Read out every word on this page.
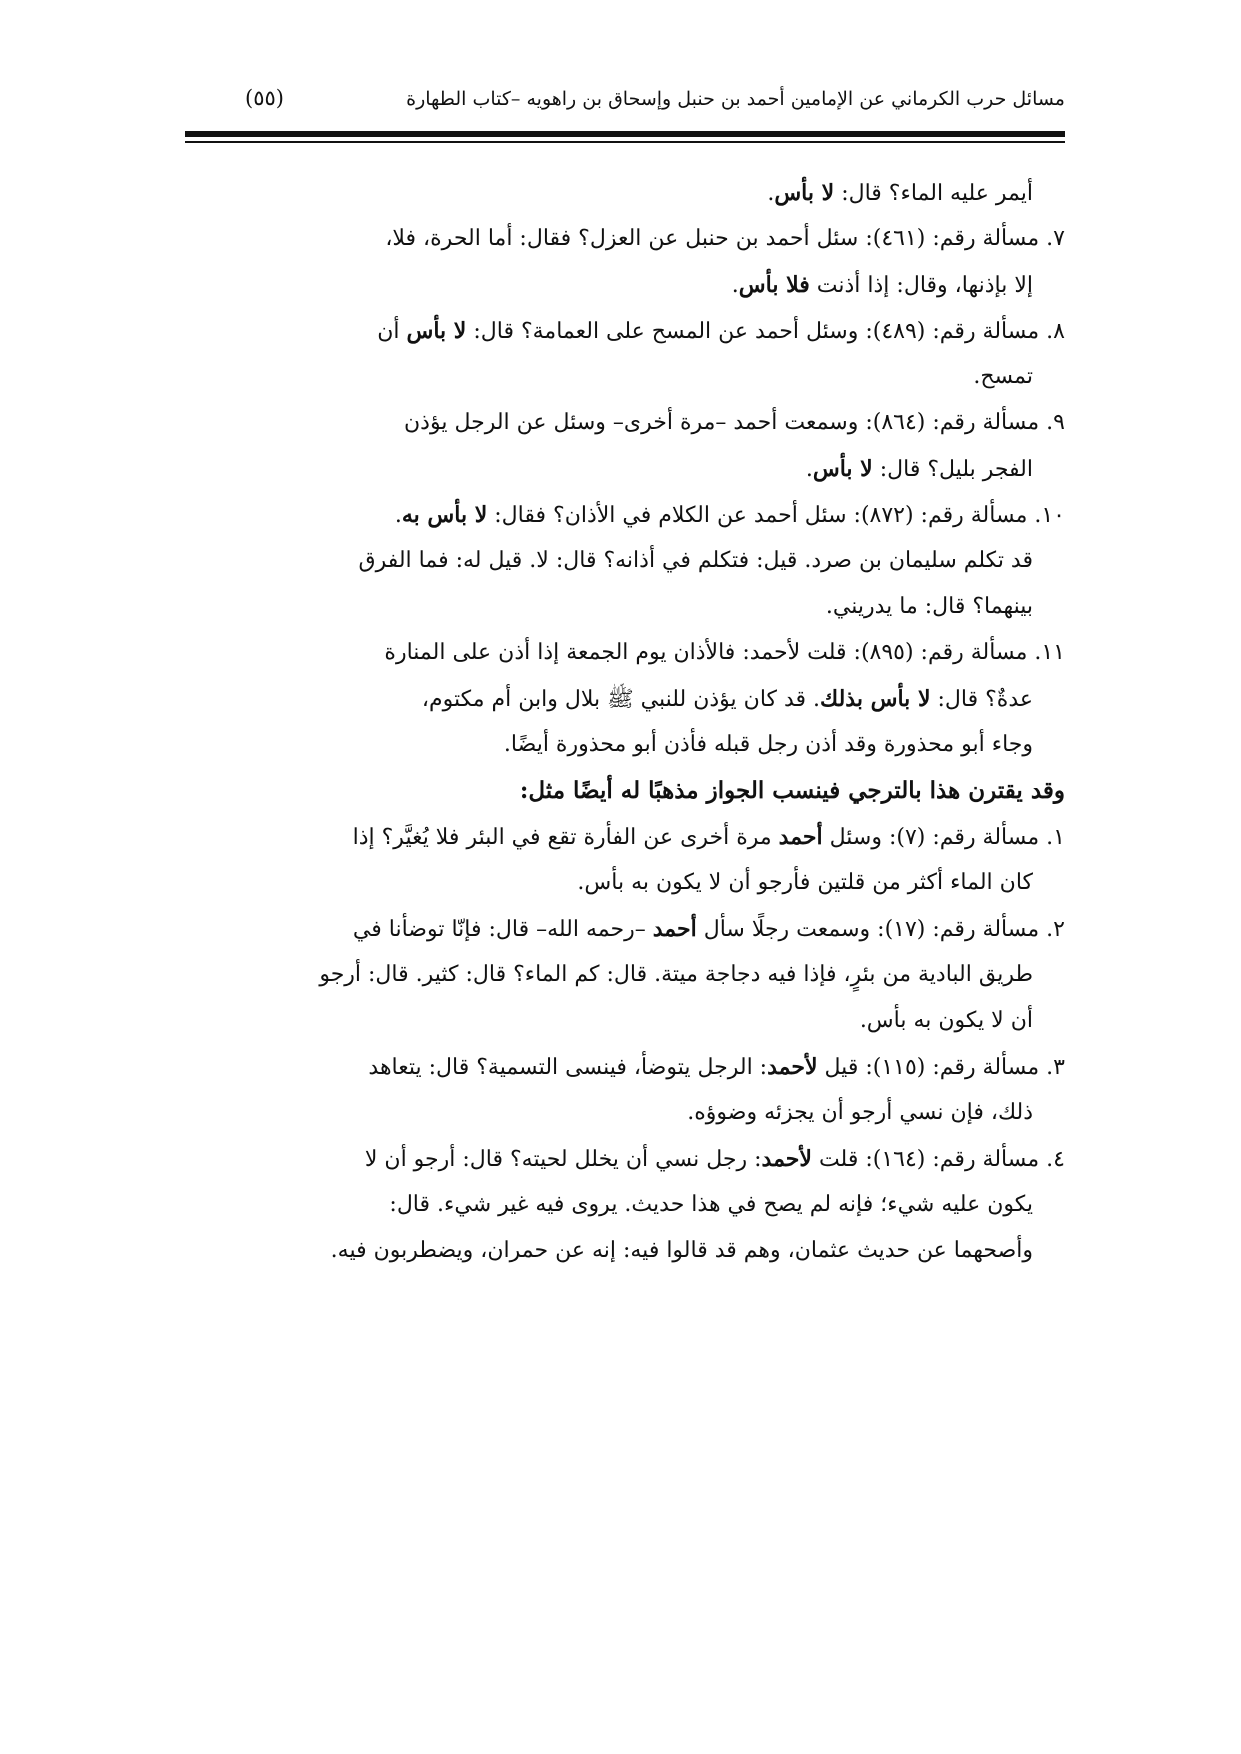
مسائل حرب الكرماني عن الإمامين أحمد بن حنبل وإسحاق بن راهويه –كتاب الطهارة
(٥٥)
أيمر عليه الماء؟ قال: لا بأس.
٧. مسألة رقم: (٤٦١): سئل أحمد بن حنبل عن العزل؟ فقال: أما الحرة، فلا،
إلا بإذنها، وقال: إذا أذنت فلا بأس.
٨. مسألة رقم: (٤٨٩): وسئل أحمد عن المسح على العمامة؟ قال: لا بأس أن
تمسح.
٩. مسألة رقم: (٨٦٤): وسمعت أحمد –مرة أخرى– وسئل عن الرجل يؤذن
الفجر بليل؟ قال: لا بأس.
١٠. مسألة رقم: (٨٧٢): سئل أحمد عن الكلام في الأذان؟ فقال: لا بأس به.
قد تكلم سليمان بن صرد. قيل: فتكلم في أذانه؟ قال: لا. قيل له: فما الفرق
بينهما؟ قال: ما يدريني.
١١. مسألة رقم: (٨٩٥): قلت لأحمد: فالأذان يوم الجمعة إذا أذن على المنارة
عدةٌ؟ قال: لا بأس بذلك. قد كان يؤذن للنبي ﷺ بلال وابن أم مكتوم،
وجاء أبو محذورة وقد أذن رجل قبله فأذن أبو محذورة أيضًا.
وقد يقترن هذا بالترجي فينسب الجواز مذهبًا له أيضًا مثل:
١. مسألة رقم: (٧): وسئل أحمد مرة أخرى عن الفأرة تقع في البئر فلا يُغيَّر؟ إذا
كان الماء أكثر من قلتين فأرجو أن لا يكون به بأس.
٢. مسألة رقم: (١٧): وسمعت رجلًا سأل أحمد –رحمه الله– قال: فإنّا توضأنا في
طريق البادية من بئرٍ، فإذا فيه دجاجة ميتة. قال: كم الماء؟ قال: كثير. قال: أرجو
أن لا يكون به بأس.
٣. مسألة رقم: (١١٥): قيل لأحمد: الرجل يتوضأ، فينسى التسمية؟ قال: يتعاهد
ذلك، فإن نسي أرجو أن يجزئه وضوؤه.
٤. مسألة رقم: (١٦٤): قلت لأحمد: رجل نسي أن يخلل لحيته؟ قال: أرجو أن لا
يكون عليه شيء؛ فإنه لم يصح في هذا حديث. يروى فيه غير شيء. قال:
وأصحهما عن حديث عثمان، وهم قد قالوا فيه: إنه عن حمران، ويضطربون فيه.
